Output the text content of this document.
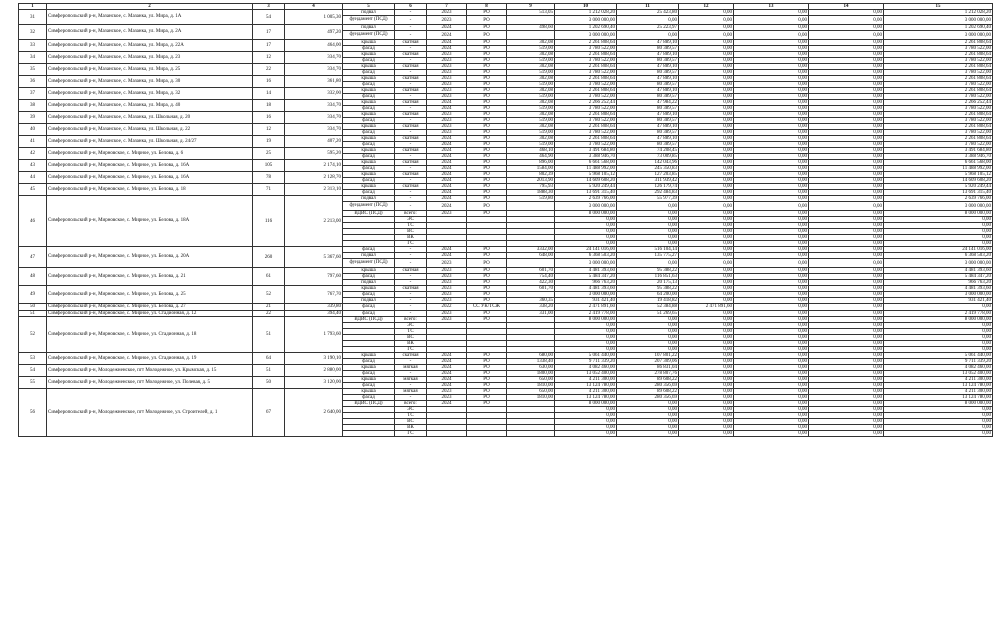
1	2	3	4	5	6	7	8	9	10	11	12	13	14	15
31	Симферопольский р-н, Мазанское, с. Мазанка, ул. Мира, д. 1А	54	1 005,30	подвал	-	2023	РО	513,05	1 212 028,20	25 423,80	0,00	0,00	0,00	1 212 028,20
				фундамент (ПСД)	-	2023	РО		3 000 000,00	0,00	0,00	0,00	0,00	3 000 000,00
32	Симферопольский р-н, Мазанское, с. Мазанка, ул. Мира, д. 2А	17	497,20	подвал	-	2024	РО	498,60	1 202 690,40	25 223,97	0,00	0,00	0,00	1 202 690,40
				фундамент (ПСД)	-	2024	РО		3 000 000,00	0,00	0,00	0,00	0,00	3 000 000,00
33	Симферопольский р-н, Мазанское, с. Мазанка, ул. Мира, д. 22А	17	464,00	крыша	скатная	2024	РО	302,08	2 261 808,64	47 889,10	0,00	0,00	0,00	2 261 808,64
				фасад	-	2024	РО	519,00	3 780 522,00	80 389,57	0,00	0,00	0,00	3 780 522,00
34	Симферопольский р-н, Мазанское, с. Мазанка, ул. Мира, д. 23	12	334,70	крыша	скатная	2023	РО	302,08	2 261 808,64	47 889,10	0,00	0,00	0,00	2 261 808,64
				фасад	-	2023	РО	519,00	3 780 522,00	80 389,57	0,00	0,00	0,00	3 780 522,00
35	Симферопольский р-н, Мазанское, с. Мазанка, ул. Мира, д. 25	22	334,70	крыша	скатная	2023	РО	302,08	2 261 808,64	47 889,10	0,00	0,00	0,00	2 261 808,64
				фасад	-	2023	РО	519,00	3 780 522,00	80 389,57	0,00	0,00	0,00	3 780 522,00
36	Симферопольский р-н, Мазанское, с. Мазанка, ул. Мира, д. 30	16	361,80	крыша	скатная	2023	РО	302,08	2 261 808,64	47 889,10	0,00	0,00	0,00	2 261 808,64
				фасад	-	2023	РО	519,00	3 780 522,00	80 389,57	0,00	0,00	0,00	3 780 522,00
37	Симферопольский р-н, Мазанское, с. Мазанка, ул. Мира, д. 32	14	332,00	крыша	скатная	2023	РО	302,08	2 261 808,64	47 889,10	0,00	0,00	0,00	2 261 808,64
				фасад	-	2023	РО	519,00	3 780 522,00	80 389,57	0,00	0,00	0,00	3 780 522,00
38	Симферопольский р-н, Мазанское, с. Мазанка, ул. Мира, д. 40	18	334,70	крыша	скатная	2024	РО	302,08	2 266 252,44	47 984,22	0,00	0,00	0,00	2 266 252,44
				фасад	-	2024	РО	519,00	3 780 522,00	80 389,57	0,00	0,00	0,00	3 780 522,00
39	Симферопольский р-н, Мазанское, с. Мазанка, ул. Школьная, д. 20	16	334,70	крыша	скатная	2023	РО	302,08	2 261 808,64	47 889,10	0,00	0,00	0,00	2 261 808,64
				фасад	-	2023	РО	519,00	3 780 522,00	80 389,57	0,00	0,00	0,00	3 780 522,00
40	Симферопольский р-н, Мазанское, с. Мазанка, ул. Школьная, д. 22	12	334,70	крыша	скатная	2023	РО	302,08	2 261 808,64	47 889,10	0,00	0,00	0,00	2 261 808,64
				фасад	-	2023	РО	519,00	3 780 522,00	80 389,57	0,00	0,00	0,00	3 780 522,00
41	Симферопольский р-н, Мазанское, с. Мазанка, ул. Школьная, д. 24/27	19	407,20	крыша	скатная	2024	РО	302,08	2 261 808,64	47 889,10	0,00	0,00	0,00	2 261 808,64
				фасад	-	2024	РО	519,00	3 780 522,00	80 389,57	0,00	0,00	0,00	3 780 522,00
42	Симферопольский р-н, Мирновское, с. Мирное, ул. Белова, д. 6	25	595,20	крыша	скатная	2024	РО	468,10	3 491 684,80	74 208,45	0,00	0,00	0,00	3 491 684,80
				фасад	-	2024	РО	464,90	3 388 946,70	73 009,85	0,00	0,00	0,00	3 388 946,70
43	Симферопольский р-н, Мирновское, с. Мирное, ул. Белова, д. 16А	105	2 174,10	крыша	скатная	2024	РО	896,00	6 661 568,00	142 043,96	0,00	0,00	0,00	6 661 568,00
				фасад	-	2024	РО	1584,00	11 488 992,00	245 350,83	0,00	0,00	0,00	11 488 992,00
44	Симферопольский р-н, Мирновское, с. Мирное, ул. Белова, д. 16А	78	2 128,70	крыша	скатная	2024	РО	802,39	5 968 105,12	127 203,85	0,00	0,00	0,00	5 968 105,12
				фасад	-	2024	РО	2013,90	14 609 608,20	311 939,42	0,00	0,00	0,00	14 609 608,20
45	Симферопольский р-н, Мирновское, с. Мирное, ул. Белова, д. 18	71	2 313,10	крыша	скатная	2024	РО	795,93	5 920 249,44	126 179,74	0,00	0,00	0,00	5 920 249,44
				фасад	-	2024	РО	1888,30	13 691 315,40	292 484,83	0,00	0,00	0,00	13 691 315,40
46	Симферопольский р-н, Мирновское, с. Мирное, ул. Белова, д. 18А	116	2 213,00	подвал	-	2024	РО	519,80	2 639 766,00	55 977,39	0,00	0,00	0,00	2 639 766,00
				фундамент (ПСД)	-	2024	РО		3 000 000,00	0,00	0,00	0,00	0,00	3 000 000,00
				ВДИС (ПСД)	всего:	2023	РО		8 000 000,00	0,00	0,00	0,00	0,00	8 000 000,00
					ЭС				0,00	0,00	0,00	0,00	0,00	0,00
					ТС				0,00	0,00	0,00	0,00	0,00	0,00
					ВС				0,00	0,00	0,00	0,00	0,00	0,00
					ВК				0,00	0,00	0,00	0,00	0,00	0,00
					ГС				0,00	0,00	0,00	0,00	0,00	0,00
47	Симферопольский р-н, Мирновское, с. Мирное, ул. Белова, д. 20А	260	5 367,60	фасад	-	2024	РО	3332,00	24 141 016,00	516 104,14	0,00	0,00	0,00	24 141 016,00
				подвал	-	2024	РО	648,00	6 368 503,20	135 775,27	0,00	0,00	0,00	6 368 503,20
				фундамент (ПСД)	-	2023	РО		3 000 000,00	0,00	0,00	0,00	0,00	3 000 000,00
48	Симферопольский р-н, Мирновское, с. Мирное, ул. Белова, д. 21	61	797,60	крыша	скатная	2023	РО	601,70	4 481 393,60	95 388,22	0,00	0,00	0,00	4 481 393,60
				фасад	-	2023	РО	754,40	5 484 347,20	116 851,63	0,00	0,00	0,00	5 484 347,20
				подвал	-	2023	РО	422,30	966 763,20	20 175,13	0,00	0,00	0,00	966 763,20
49	Симферопольский р-н, Мирновское, с. Мирное, ул. Белова, д. 25	52	767,70	крыша	скатная	2023	РО	601,70	4 481 393,60	95 388,22	0,00	0,00	0,00	4 481 393,60
				фасад	-	2023	РО		3 000 000,00	64 200,00	0,00	0,00	0,00	3 000 000,00
				подвал	-	2023	РО	360,35	931 421,40	19 418,82	0,00	0,00	0,00	931 421,40
50	Симферопольский р-н, Мирновское, с. Мирное, ул. Белова, д. 27	21	339,80	фасад	-	2022	СС УК/ТСЖ	338,20	2 471 891,60	52 384,88	2 471 891,60	0,00	0,00	0,00
51	Симферопольский р-н, Мирновское, с. Мирное, ул. Стадионная, д. 12	22	394,40	фасад	-	2023	РО	331,00	2 419 778,00	51 269,65	0,00	0,00	0,00	2 419 778,00
52	Симферопольский р-н, Мирновское, с. Мирное, ул. Стадионная, д. 18	51	1 793,60	ВДИС (ПСД)	всего:	2023	РО		8 000 000,00	0,00	0,00	0,00	0,00	8 000 000,00
					ЭС				0,00	0,00	0,00	0,00	0,00	0,00
					ТС				0,00	0,00	0,00	0,00	0,00	0,00
					ВС				0,00	0,00	0,00	0,00	0,00	0,00
					ВК				0,00	0,00	0,00	0,00	0,00	0,00
					ГС				0,00	0,00	0,00	0,00	0,00	0,00
53	Симферопольский р-н, Мирновское, с. Мирное, ул. Стадионная, д. 19	64	3 190,10	крыша	скатная	2024	РО	680,00	5 061 440,00	107 801,22	0,00	0,00	0,00	5 061 440,00
				фасад	-	2024	РО	1338,40	9 711 339,20	207 309,06	0,00	0,00	0,00	9 711 339,20
54	Симферопольский р-н, Молодежненское, пгт Молодежное, ул. Крымская, д. 15	51	2 880,00	крыша	мягкая	2024	РО	630,00	4 082 460,00	86 831,04	0,00	0,00	0,00	4 082 460,00
				фасад	-	2024	РО	1800,00	13 052 400,00	278 807,76	0,00	0,00	0,00	13 052 400,00
55	Симферопольский р-н, Молодежненское, пгт Молодежное, ул. Полевая, д. 5	50	3 120,00	крыша	мягкая	2024	РО	650,00	4 211 300,00	89 608,22	0,00	0,00	0,00	4 211 300,00
				фасад	-	2024	РО	1810,00	13 124 780,00	280 356,69	0,00	0,00	0,00	13 124 780,00
56	Симферопольский р-н, Молодежненское, пгт Молодежное, ул. Строителей, д. 1	67	2 640,00	крыша	мягкая	2023	РО	650,00	4 211 300,00	89 608,22	0,00	0,00	0,00	4 211 300,00
				фасад	-	2023	РО	1810,00	13 124 780,00	280 356,69	0,00	0,00	0,00	13 124 780,00
				ВДИС (ПСД)	всего:	2024	РО		8 000 000,00	0,00	0,00	0,00	0,00	8 000 000,00
					ЭС				0,00	0,00	0,00	0,00	0,00	0,00
					ТС				0,00	0,00	0,00	0,00	0,00	0,00
					ВС				0,00	0,00	0,00	0,00	0,00	0,00
					ВК				0,00	0,00	0,00	0,00	0,00	0,00
					ГС				0,00	0,00	0,00	0,00	0,00	0,00
